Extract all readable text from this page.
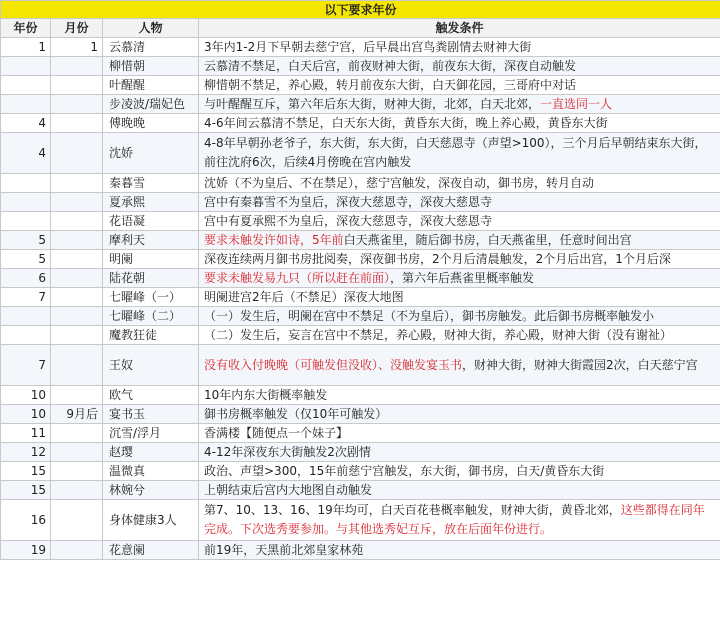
以下要求年份			
年份	月份	人物	触发条件
1	1	云慕清	3年内1-2月下早朝去慈宁宫，后早晨出宫鸟粪剧情去财神大街
		柳惜朝	云慕清不禁足，白天后宫，前夜财神大街，前夜东大街，深夜自动触发
		叶醒醒	柳惜朝不禁足，养心殿，转月前夜东大街，白天御花园，三哥府中对话
		步凌波/瑞妃色	与叶醒醒互斥，第六年后东大街，财神大街，北郊，白天北郊，一直选同一人
4		傅晚晚	4-6年间云慕清不禁足，白天东大街，黄昏东大街，晚上养心殿，黄昏东大街
4		沈娇	4-8年早朝孙老爷子，东大街，东大街，白天慈恩寺（声望>100），三个月后早朝结束东大街，前往沈府6次，后续4月傍晚在宫内触发
		秦暮雪	沈娇（不为皇后、不在禁足），慈宁宫触发，深夜自动，御书房，转月自动
		夏承熙	宫中有秦暮雪不为皇后，深夜大慈恩寺，深夜大慈恩寺
		花语凝	宫中有夏承熙不为皇后，深夜大慈恩寺，深夜大慈恩寺
5		摩利天	要求未触发许如诗，5年前白天燕雀里，随后御书房，白天燕雀里，任意时间出宫
5		明阑	深夜连续两月御书房批阅奏，深夜御书房，2个月后清晨触发，2个月后出宫，1个月后深
6		陆花朝	要求未触发易九只（所以赶在前面），第六年后燕雀里概率触发
7		七曜峰（一）	明阑进宫2年后（不禁足）深夜大地图
		七曜峰（二）	（一）发生后，明阑在宫中不禁足（不为皇后），御书房触发。此后御书房概率触发小
		魔教狂徒	（二）发生后，妄言在宫中不禁足，养心殿，财神大街，养心殿，财神大街（没有谢祉）
7		王奴	没有收入付晚晚（可触发但没收）、没触发宴玉书，财神大街，财神大街霞园2次，白天慈宁宫
10		欧气	10年内东大街概率触发
10	9月后	宴书玉	御书房概率触发（仅10年可触发）
11		沉雪/浮月	香满楼【随便点一个妹子】
12		赵璎	4-12年深夜东大街触发2次剧情
15		温微真	政治、声望>300，15年前慈宁宫触发，东大街，御书房，白天/黄昏东大街
15		林婉兮	上朝结束后宫内大地图自动触发
16		身体健康3人	第7、10、13、16、19年均可，白天百花巷概率触发，财神大街，黄昏北郊，这些都得在同年完成。下次选秀要参加。与其他选秀妃互斥，放在后面年份进行。
19		花意阑	前19年，天黑前北郊皇家林苑
